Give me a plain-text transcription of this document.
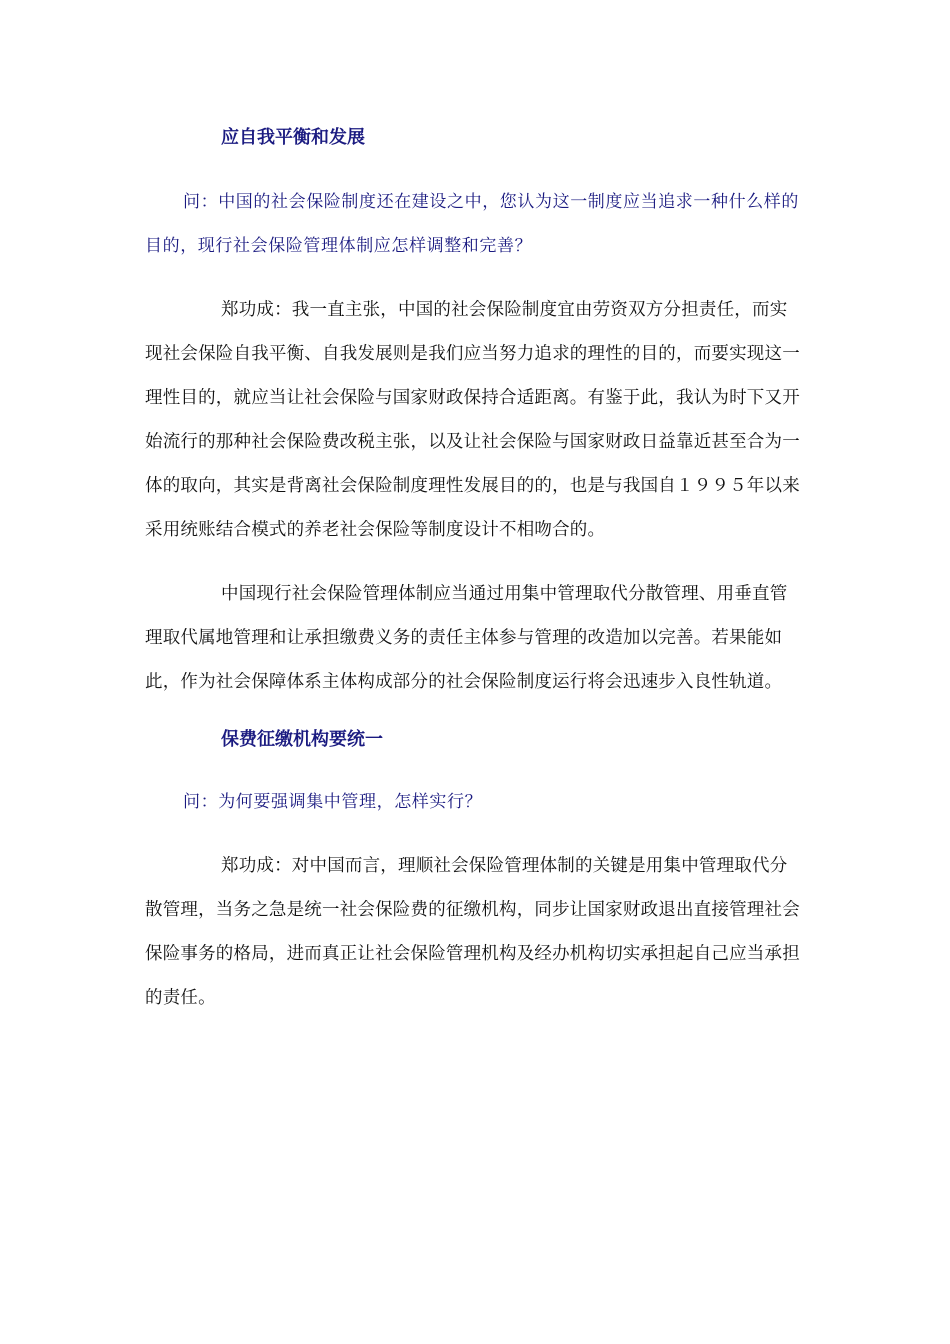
应自我平衡和发展

问：中国的社会保险制度还在建设之中，您认为这一制度应当追求一种什么样的目的，现行社会保险管理体制应怎样调整和完善？

郑功成：我一直主张，中国的社会保险制度宜由劳资双方分担责任，而实现社会保险自我平衡、自我发展则是我们应当努力追求的理性的目的，而要实现这一理性目的，就应当让社会保险与国家财政保持合适距离。有鉴于此，我认为时下又开始流行的那种社会保险费改税主张，以及让社会保险与国家财政日益靠近甚至合为一体的取向，其实是背离社会保险制度理性发展目的的，也是与我国自１９９５年以来采用统账结合模式的养老社会保险等制度设计不相吻合的。

中国现行社会保险管理体制应当通过用集中管理取代分散管理、用垂直管理取代属地管理和让承担缴费义务的责任主体参与管理的改造加以完善。若果能如此，作为社会保障体系主体构成部分的社会保险制度运行将会迅速步入良性轨道。

保费征缴机构要统一

问：为何要强调集中管理，怎样实行？

郑功成：对中国而言，理顺社会保险管理体制的关键是用集中管理取代分散管理，当务之急是统一社会保险费的征缴机构，同步让国家财政退出直接管理社会保险事务的格局，进而真正让社会保险管理机构及经办机构切实承担起自己应当承担的责任。
